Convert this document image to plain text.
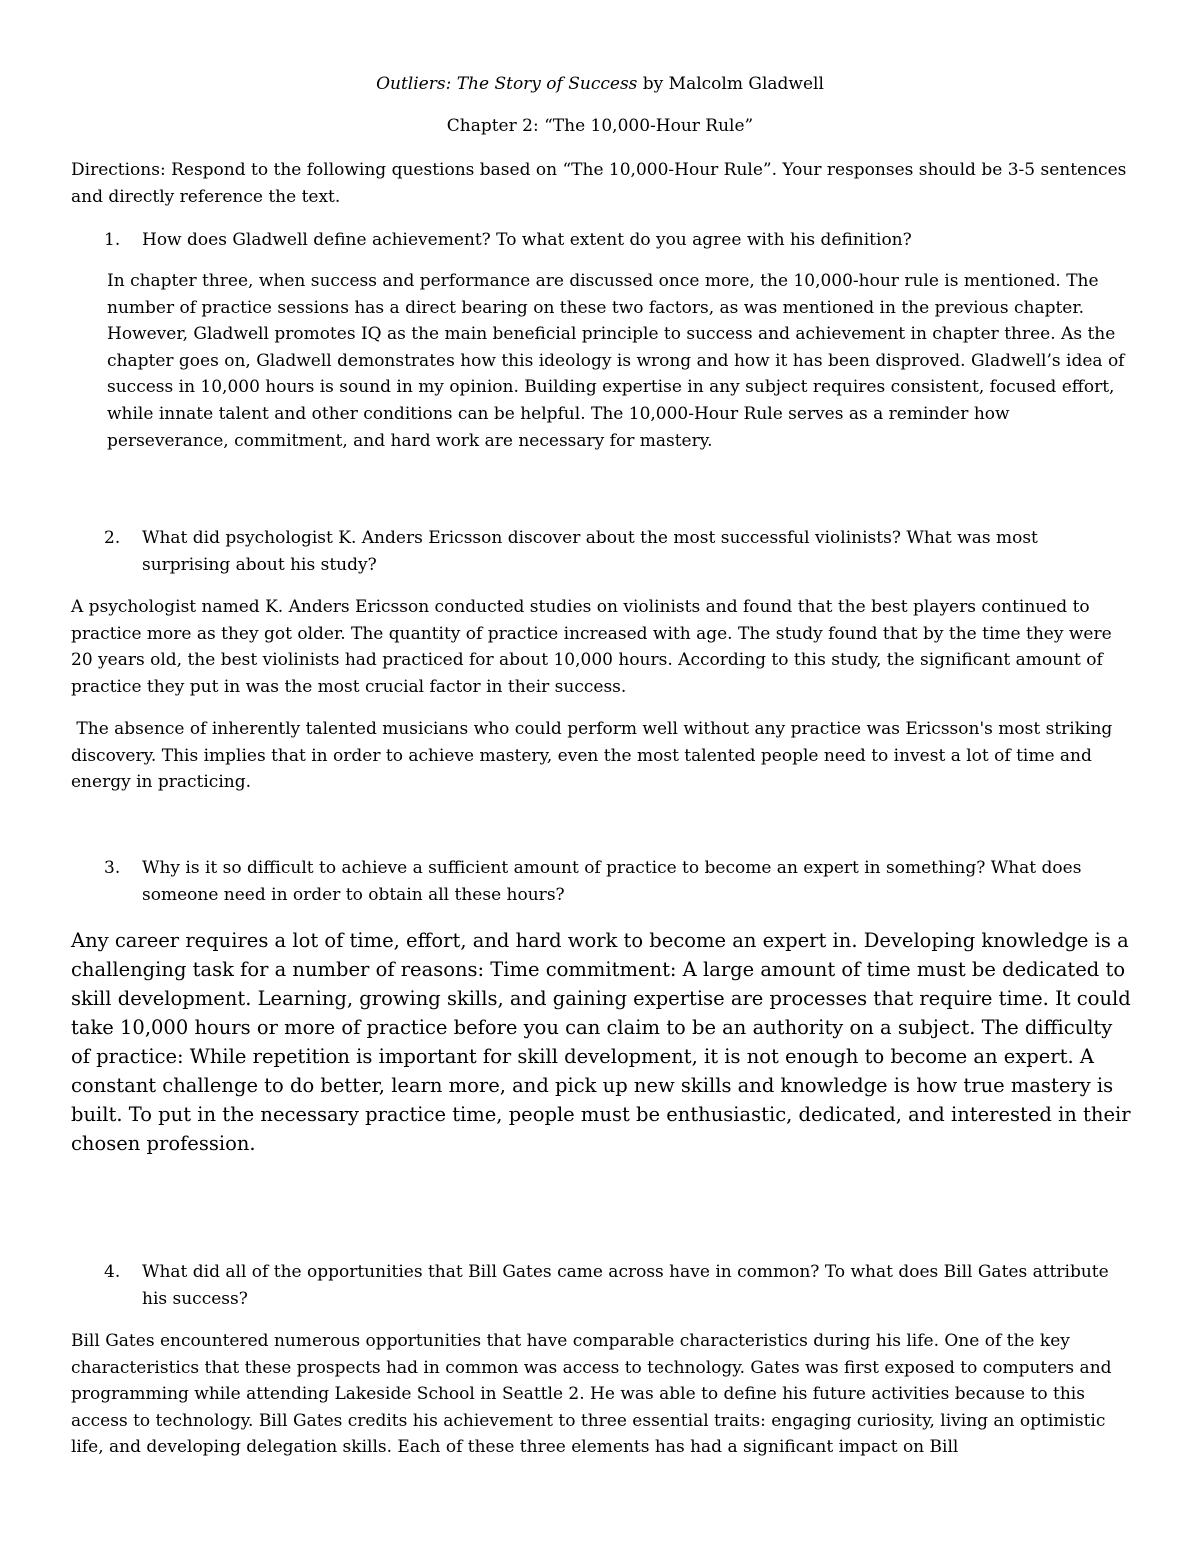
Outliers: The Story of Success by Malcolm Gladwell
Chapter 2: “The 10,000-Hour Rule”

Directions: Respond to the following questions based on “The 10,000-Hour Rule”. Your responses should be 3-5 sentences and directly reference the text.

1. How does Gladwell define achievement? To what extent do you agree with his definition?

In chapter three, when success and performance are discussed once more, the 10,000-hour rule is mentioned. The number of practice sessions has a direct bearing on these two factors, as was mentioned in the previous chapter. However, Gladwell promotes IQ as the main beneficial principle to success and achievement in chapter three. As the chapter goes on, Gladwell demonstrates how this ideology is wrong and how it has been disproved. Gladwell’s idea of success in 10,000 hours is sound in my opinion. Building expertise in any subject requires consistent, focused effort, while innate talent and other conditions can be helpful. The 10,000-Hour Rule serves as a reminder how perseverance, commitment, and hard work are necessary for mastery.

2. What did psychologist K. Anders Ericsson discover about the most successful violinists? What was most surprising about his study?

A psychologist named K. Anders Ericsson conducted studies on violinists and found that the best players continued to practice more as they got older. The quantity of practice increased with age. The study found that by the time they were 20 years old, the best violinists had practiced for about 10,000 hours. According to this study, the significant amount of practice they put in was the most crucial factor in their success.

The absence of inherently talented musicians who could perform well without any practice was Ericsson's most striking discovery. This implies that in order to achieve mastery, even the most talented people need to invest a lot of time and energy in practicing.

3. Why is it so difficult to achieve a sufficient amount of practice to become an expert in something? What does someone need in order to obtain all these hours?

Any career requires a lot of time, effort, and hard work to become an expert in. Developing knowledge is a challenging task for a number of reasons: Time commitment: A large amount of time must be dedicated to skill development. Learning, growing skills, and gaining expertise are processes that require time. It could take 10,000 hours or more of practice before you can claim to be an authority on a subject. The difficulty of practice: While repetition is important for skill development, it is not enough to become an expert. A constant challenge to do better, learn more, and pick up new skills and knowledge is how true mastery is built. To put in the necessary practice time, people must be enthusiastic, dedicated, and interested in their chosen profession.

4. What did all of the opportunities that Bill Gates came across have in common? To what does Bill Gates attribute his success?

Bill Gates encountered numerous opportunities that have comparable characteristics during his life. One of the key characteristics that these prospects had in common was access to technology. Gates was first exposed to computers and programming while attending Lakeside School in Seattle 2. He was able to define his future activities because to this access to technology. Bill Gates credits his achievement to three essential traits: engaging curiosity, living an optimistic life, and developing delegation skills. Each of these three elements has had a significant impact on Bill
